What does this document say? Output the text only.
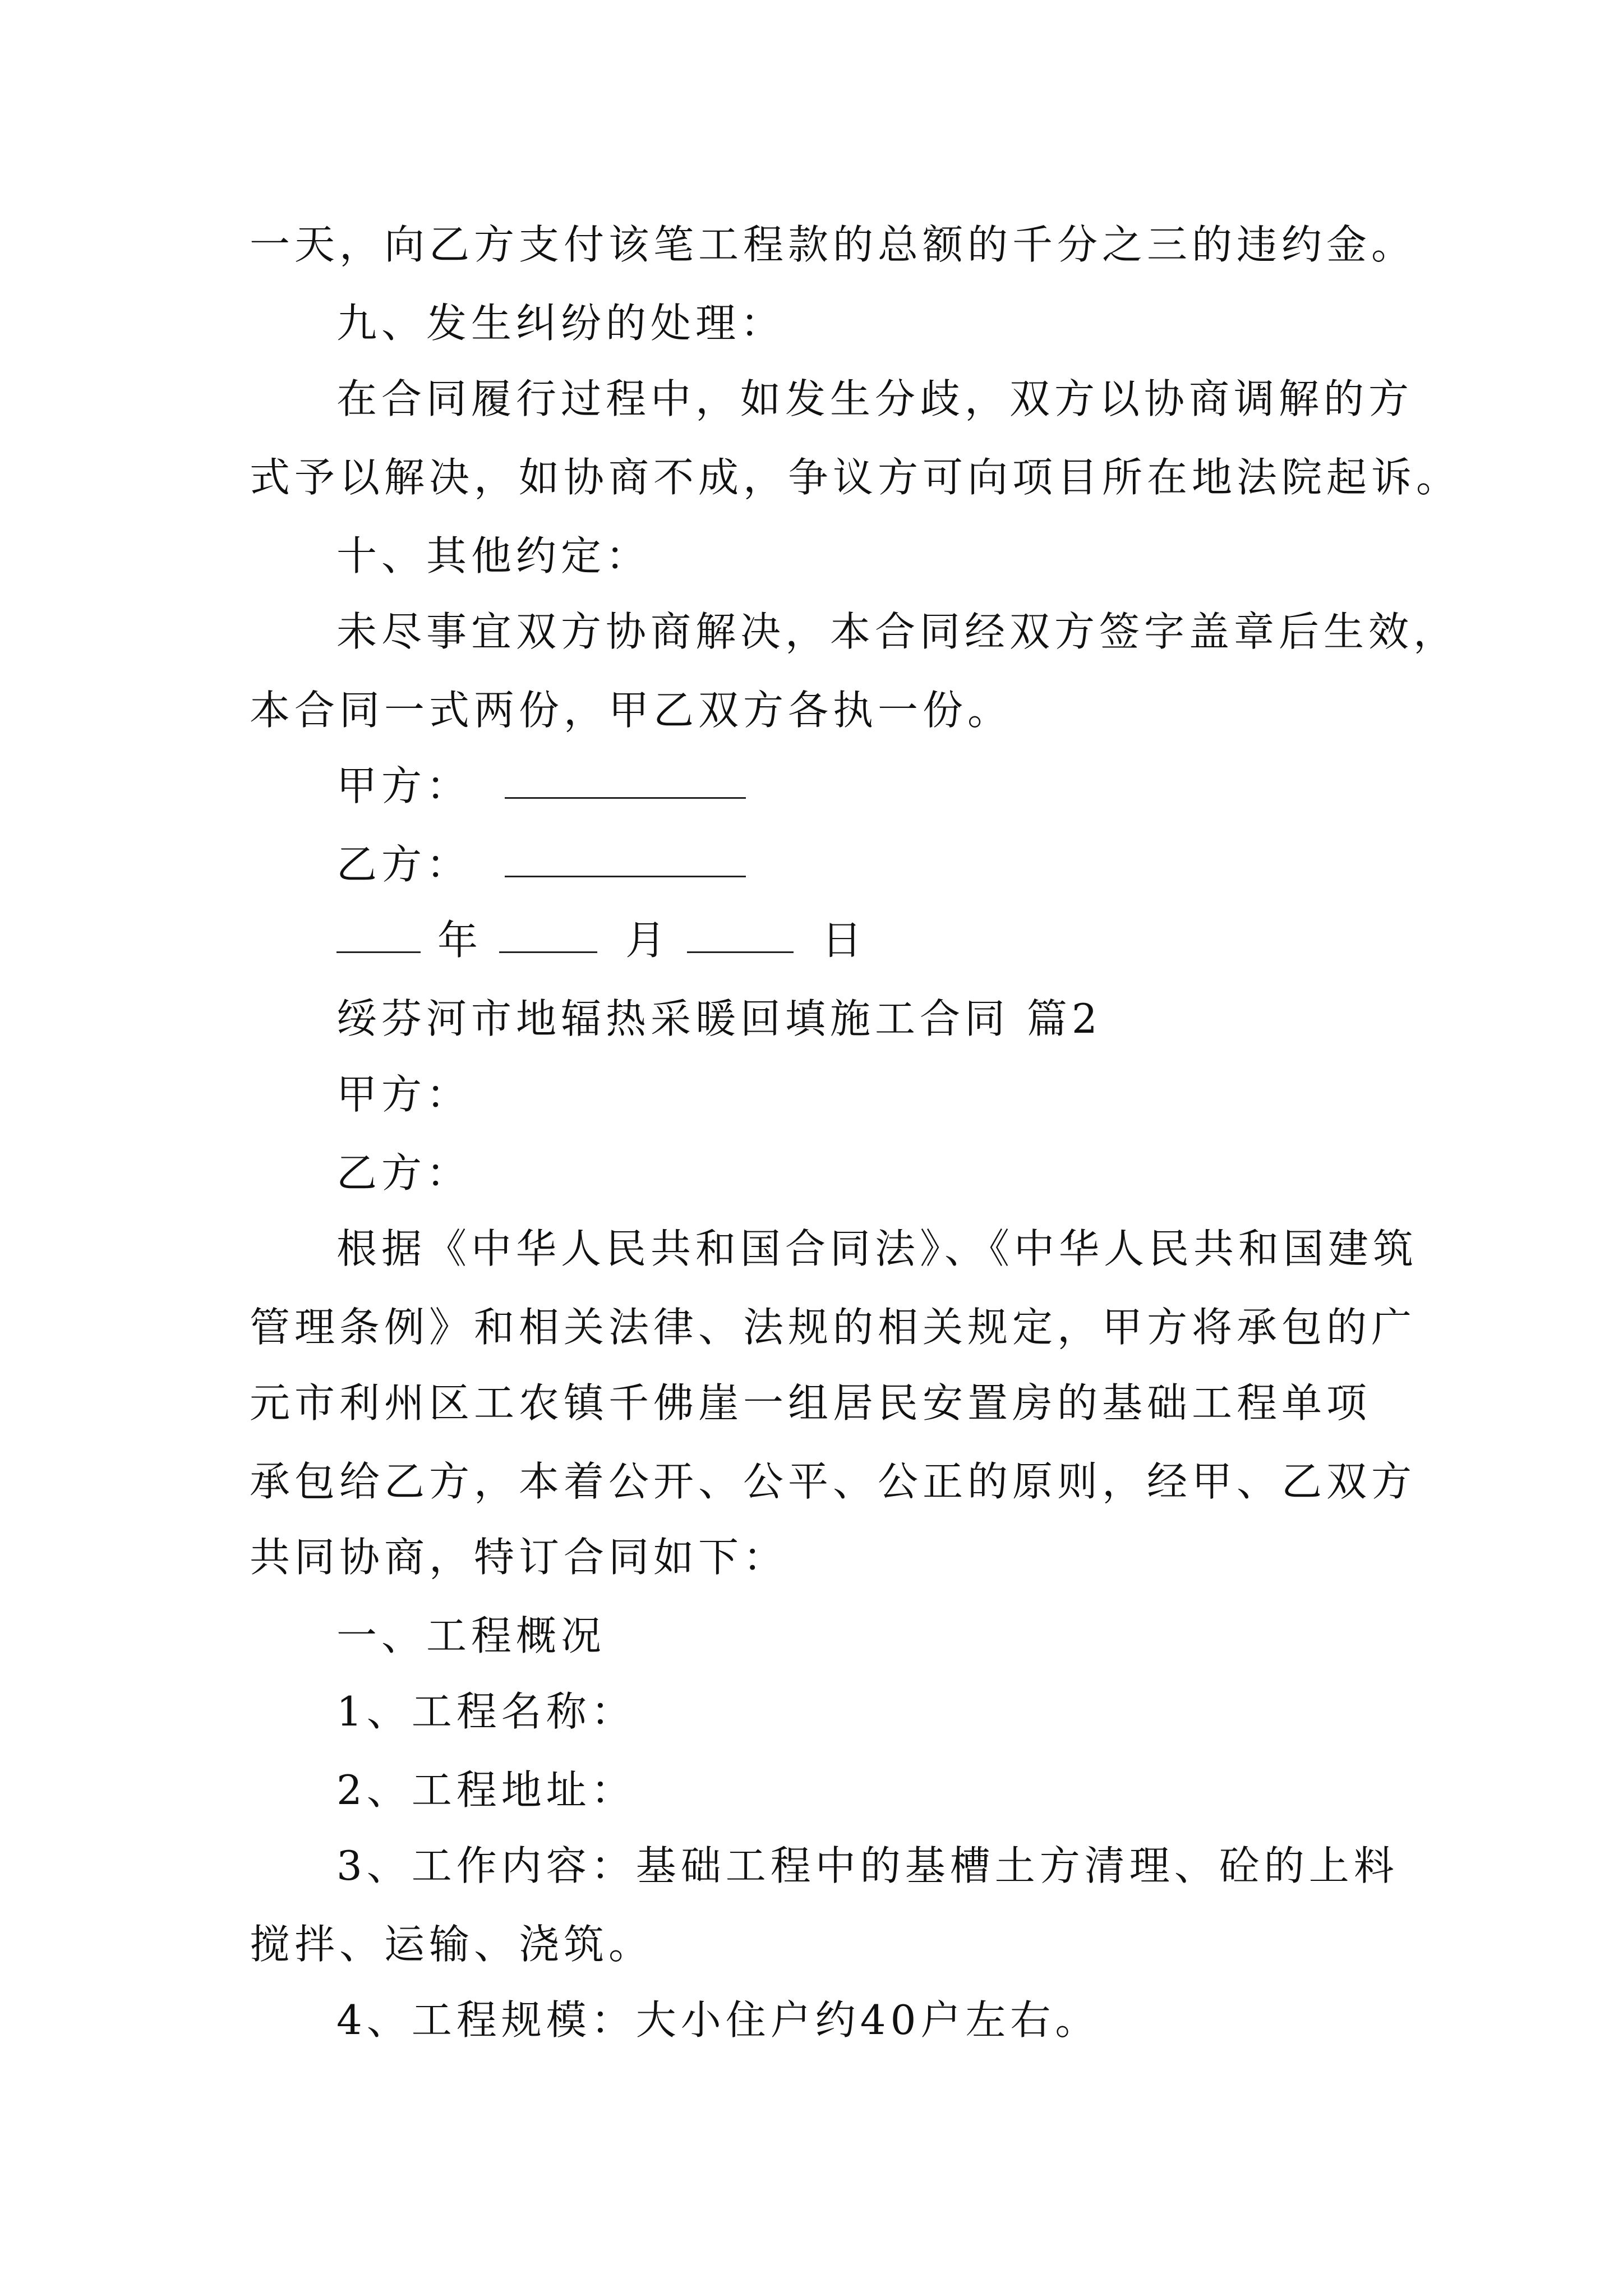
一天，向乙方支付该笔工程款的总额的千分之三的违约金。
九、发生纠纷的处理：
在合同履行过程中，如发生分歧，双方以协商调解的方
式予以解决，如协商不成，争议方可向项目所在地法院起诉。
十、其他约定：
未尽事宜双方协商解决，本合同经双方签字盖章后生效，
本合同一式两份，甲乙双方各执一份。
甲方：
乙方：
年	月	日
绥芬河市地辐热采暖回填施工合同 篇2
甲方：
乙方：
根据《中华人民共和国合同法》、《中华人民共和国建筑
管理条例》和相关法律、法规的相关规定，甲方将承包的广
元市利州区工农镇千佛崖一组居民安置房的基础工程单项
承包给乙方，本着公开、公平、公正的原则，经甲、乙双方
共同协商，特订合同如下：
一、工程概况
1、工程名称：
2、工程地址：
3、工作内容：基础工程中的基槽土方清理、砼的上料
搅拌、运输、浇筑。
4、工程规模：大小住户约40户左右。
